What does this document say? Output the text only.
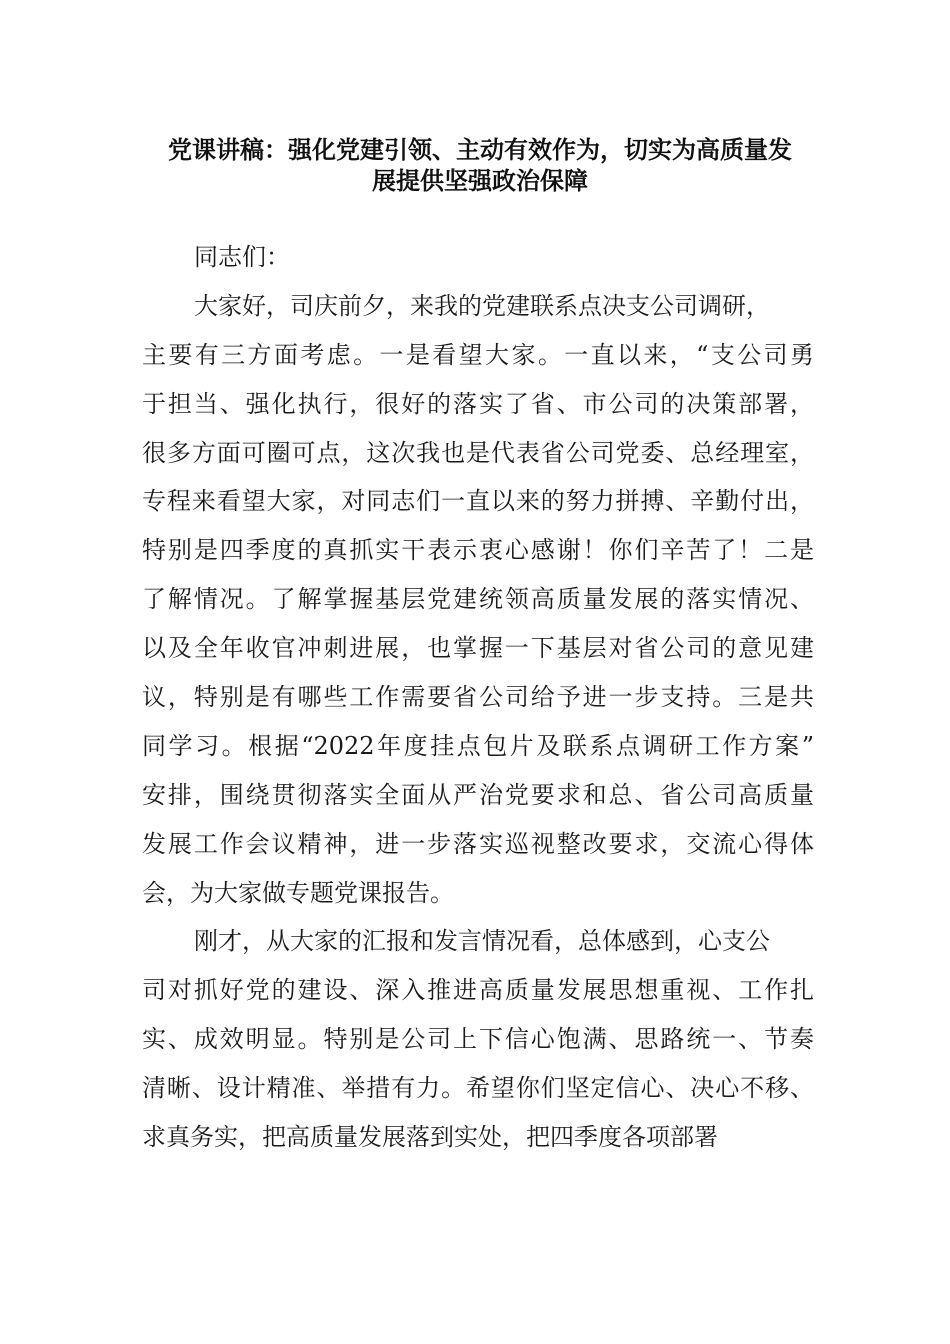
党课讲稿：强化党建引领、主动有效作为，切实为高质量发
展提供坚强政治保障
同志们：
大家好，司庆前夕，来我的党建联系点决支公司调研，
主要有三方面考虑。一是看望大家。一直以来，“支公司勇
于担当、强化执行，很好的落实了省、市公司的决策部署，
很多方面可圈可点，这次我也是代表省公司党委、总经理室，
专程来看望大家，对同志们一直以来的努力拼搏、辛勤付出，
特别是四季度的真抓实干表示衷心感谢！你们辛苦了！二是
了解情况。了解掌握基层党建统领高质量发展的落实情况、
以及全年收官冲刺进展，也掌握一下基层对省公司的意见建
议，特别是有哪些工作需要省公司给予进一步支持。三是共
同学习。根据“2022年度挂点包片及联系点调研工作方案”
安排，围绕贯彻落实全面从严治党要求和总、省公司高质量
发展工作会议精神，进一步落实巡视整改要求，交流心得体
会，为大家做专题党课报告。
刚才，从大家的汇报和发言情况看，总体感到，心支公
司对抓好党的建设、深入推进高质量发展思想重视、工作扎
实、成效明显。特别是公司上下信心饱满、思路统一、节奏
清晰、设计精准、举措有力。希望你们坚定信心、决心不移、
求真务实，把高质量发展落到实处，把四季度各项部署
